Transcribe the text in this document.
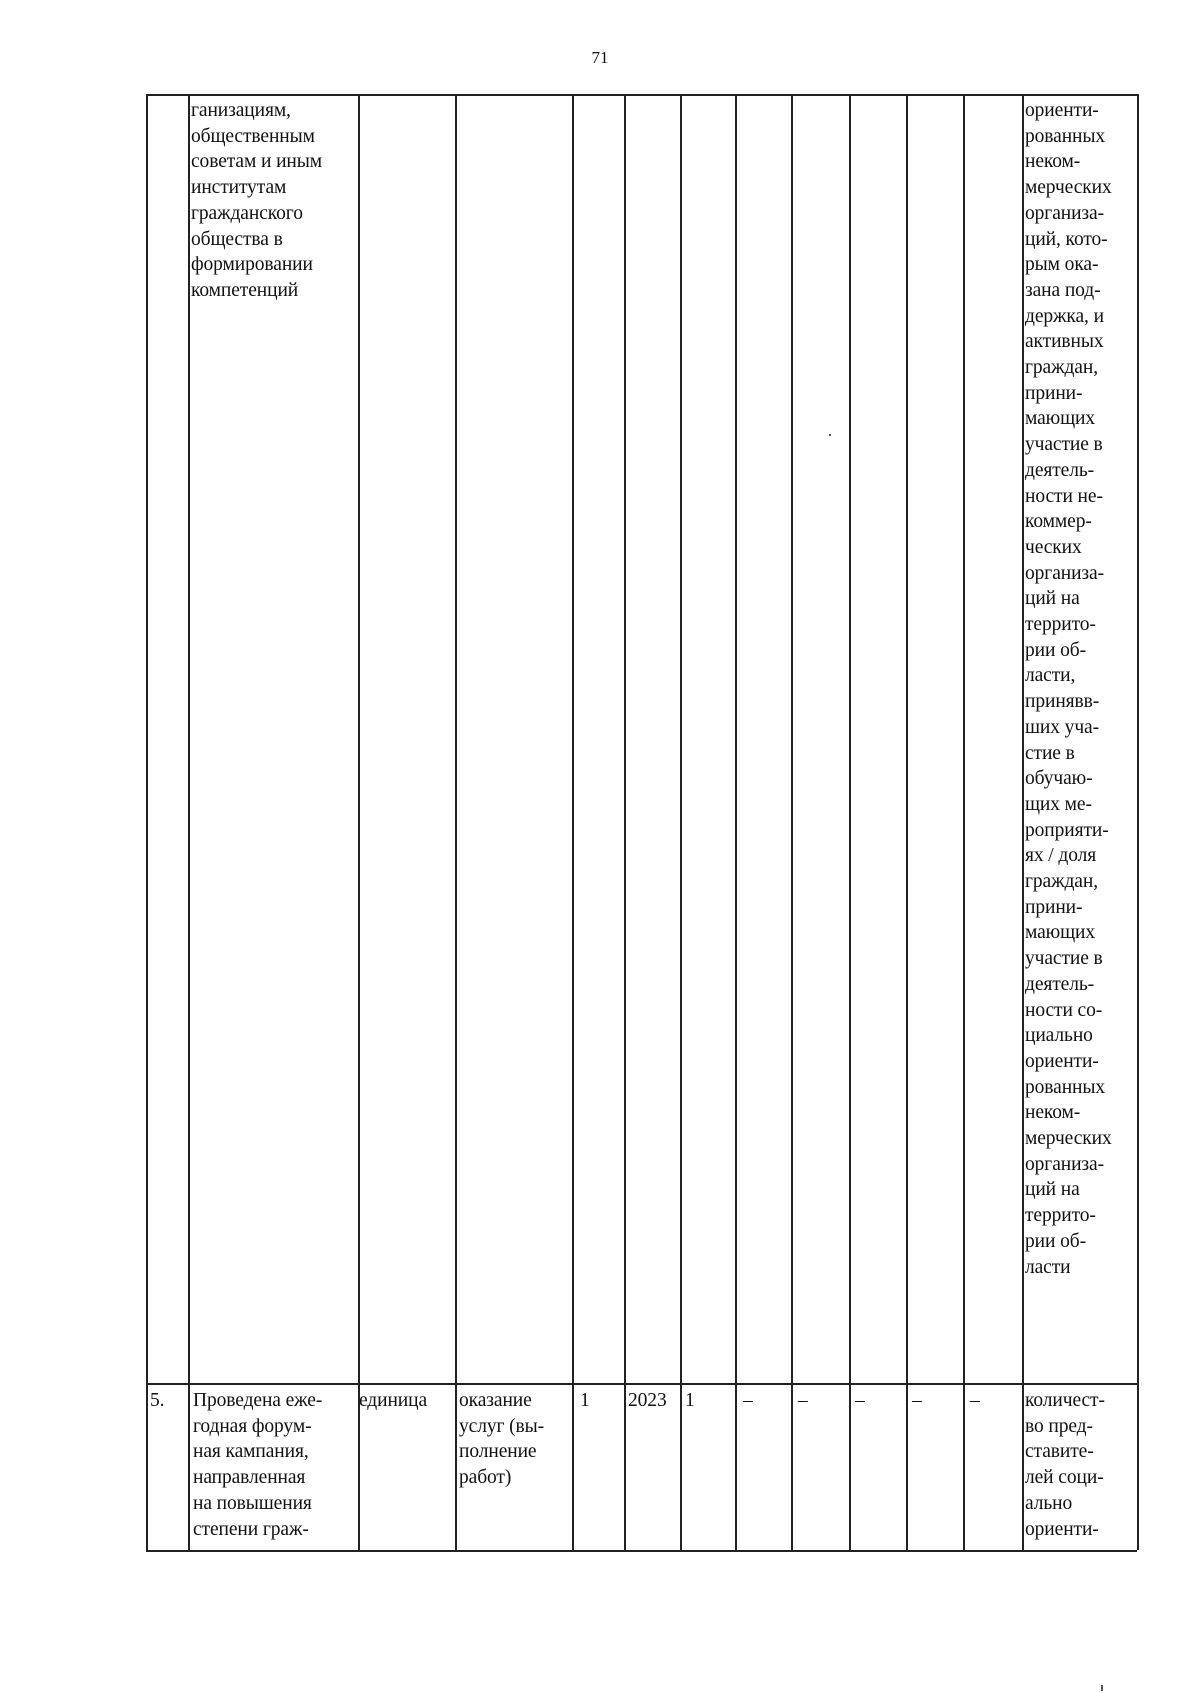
71
ганизациям,
общественным
советам и иным
институтам
гражданского
общества в
формировании
компетенций
ориенти-
рованных
неком-
мерческих
организа-
ций, кото-
рым ока-
зана под-
держка, и
активных
граждан,
прини-
мающих
участие в
деятель-
ности не-
коммер-
ческих
организа-
ций на
террито-
рии об-
ласти,
принявв-
ших уча-
стие в
обучаю-
щих ме-
роприяти-
ях / доля
граждан,
прини-
мающих
участие в
деятель-
ности со-
циально
ориенти-
рованных
неком-
мерческих
организа-
ций на
террито-
рии об-
ласти
5. Проведена еже-
годная форум-
ная кампания,
направленная
на повышения
степени граж-
единица оказание
услуг (вы-
полнение
работ)
1 2023 1 – – – – – количест-
во пред-
ставите-
лей соци-
ально
ориенти-
